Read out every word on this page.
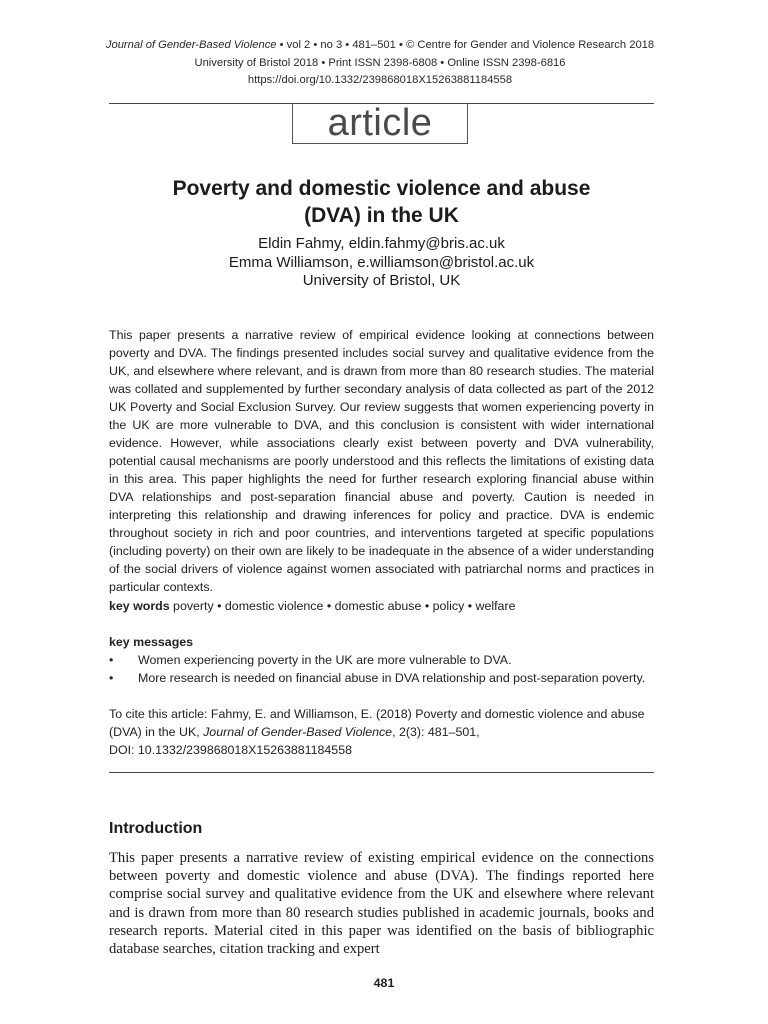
Journal of Gender-Based Violence • vol 2 • no 3 • 481–501 • © Centre for Gender and Violence Research 2018
University of Bristol 2018 • Print ISSN 2398-6808 • Online ISSN 2398-6816
https://doi.org/10.1332/239868018X15263881184558
article
Poverty and domestic violence and abuse
(DVA) in the UK
Eldin Fahmy, eldin.fahmy@bris.ac.uk
Emma Williamson, e.williamson@bristol.ac.uk
University of Bristol, UK
This paper presents a narrative review of empirical evidence looking at connections between poverty and DVA. The findings presented includes social survey and qualitative evidence from the UK, and elsewhere where relevant, and is drawn from more than 80 research studies. The material was collated and supplemented by further secondary analysis of data collected as part of the 2012 UK Poverty and Social Exclusion Survey. Our review suggests that women experiencing poverty in the UK are more vulnerable to DVA, and this conclusion is consistent with wider international evidence. However, while associations clearly exist between poverty and DVA vulnerability, potential causal mechanisms are poorly understood and this reflects the limitations of existing data in this area. This paper highlights the need for further research exploring financial abuse within DVA relationships and post-separation financial abuse and poverty. Caution is needed in interpreting this relationship and drawing inferences for policy and practice. DVA is endemic throughout society in rich and poor countries, and interventions targeted at specific populations (including poverty) on their own are likely to be inadequate in the absence of a wider understanding of the social drivers of violence against women associated with patriarchal norms and practices in particular contexts.
key words poverty • domestic violence • domestic abuse • policy • welfare
key messages
• Women experiencing poverty in the UK are more vulnerable to DVA.
• More research is needed on financial abuse in DVA relationship and post-separation poverty.
To cite this article: Fahmy, E. and Williamson, E. (2018) Poverty and domestic violence and abuse
(DVA) in the UK, Journal of Gender-Based Violence, 2(3): 481–501,
DOI: 10.1332/239868018X15263881184558
Introduction
This paper presents a narrative review of existing empirical evidence on the connections between poverty and domestic violence and abuse (DVA). The findings reported here comprise social survey and qualitative evidence from the UK and elsewhere where relevant and is drawn from more than 80 research studies published in academic journals, books and research reports. Material cited in this paper was identified on the basis of bibliographic database searches, citation tracking and expert
481
